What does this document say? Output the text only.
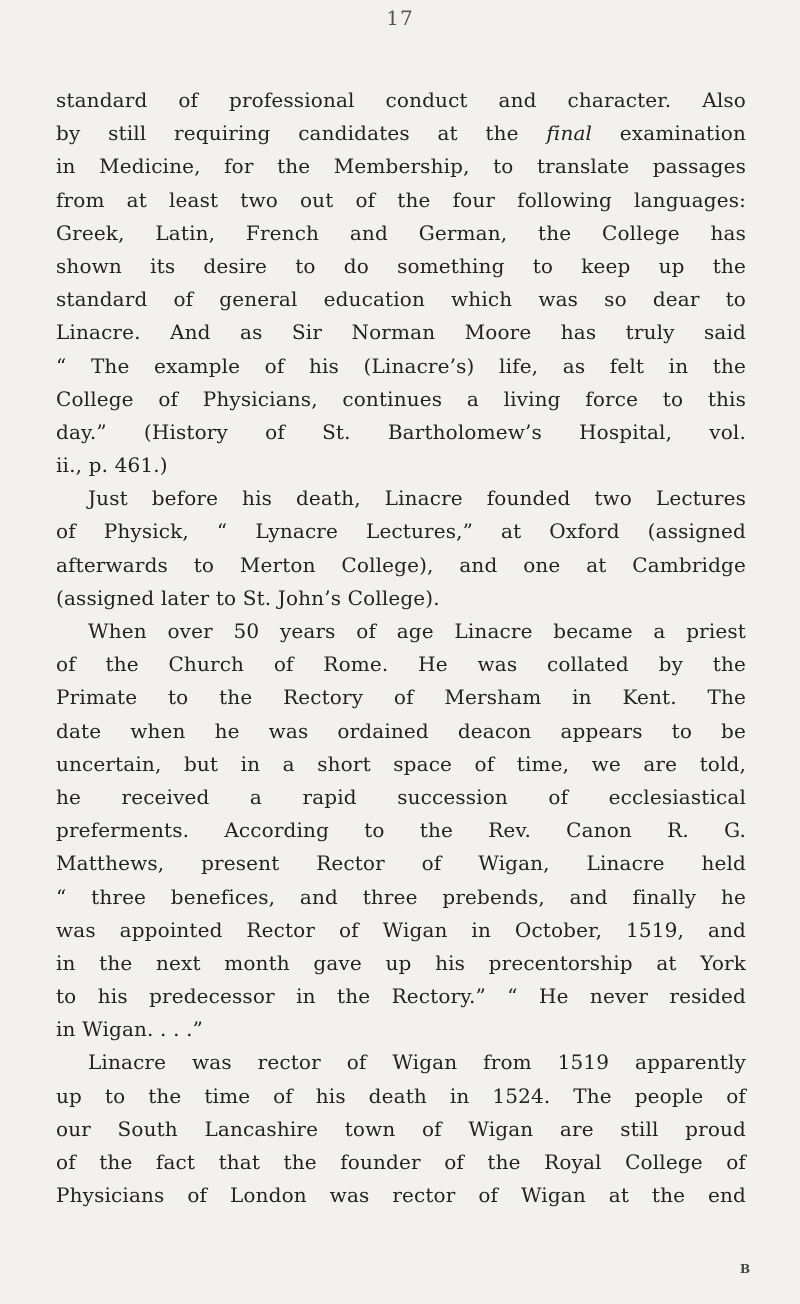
17
standard of professional conduct and character. Also
by still requiring candidates at the final examination
in Medicine, for the Membership, to translate passages
from at least two out of the four following languages:
Greek, Latin, French and German, the College has
shown its desire to do something to keep up the
standard of general education which was so dear to
Linacre. And as Sir Norman Moore has truly said
“ The example of his (Linacre’s) life, as felt in the
College of Physicians, continues a living force to this
day.” (History of St. Bartholomew’s Hospital, vol.
ii., p. 461.)
Just before his death, Linacre founded two Lectures
of Physick, “ Lynacre Lectures,” at Oxford (assigned
afterwards to Merton College), and one at Cambridge
(assigned later to St. John’s College).
When over 50 years of age Linacre became a priest
of the Church of Rome. He was collated by the
Primate to the Rectory of Mersham in Kent. The
date when he was ordained deacon appears to be
uncertain, but in a short space of time, we are told,
he received a rapid succession of ecclesiastical
preferments. According to the Rev. Canon R. G.
Matthews, present Rector of Wigan, Linacre held
“ three benefices, and three prebends, and finally he
was appointed Rector of Wigan in October, 1519, and
in the next month gave up his precentorship at York
to his predecessor in the Rectory.” “ He never resided
in Wigan. . . .”
Linacre was rector of Wigan from 1519 apparently
up to the time of his death in 1524. The people of
our South Lancashire town of Wigan are still proud
of the fact that the founder of the Royal College of
Physicians of London was rector of Wigan at the end
B
